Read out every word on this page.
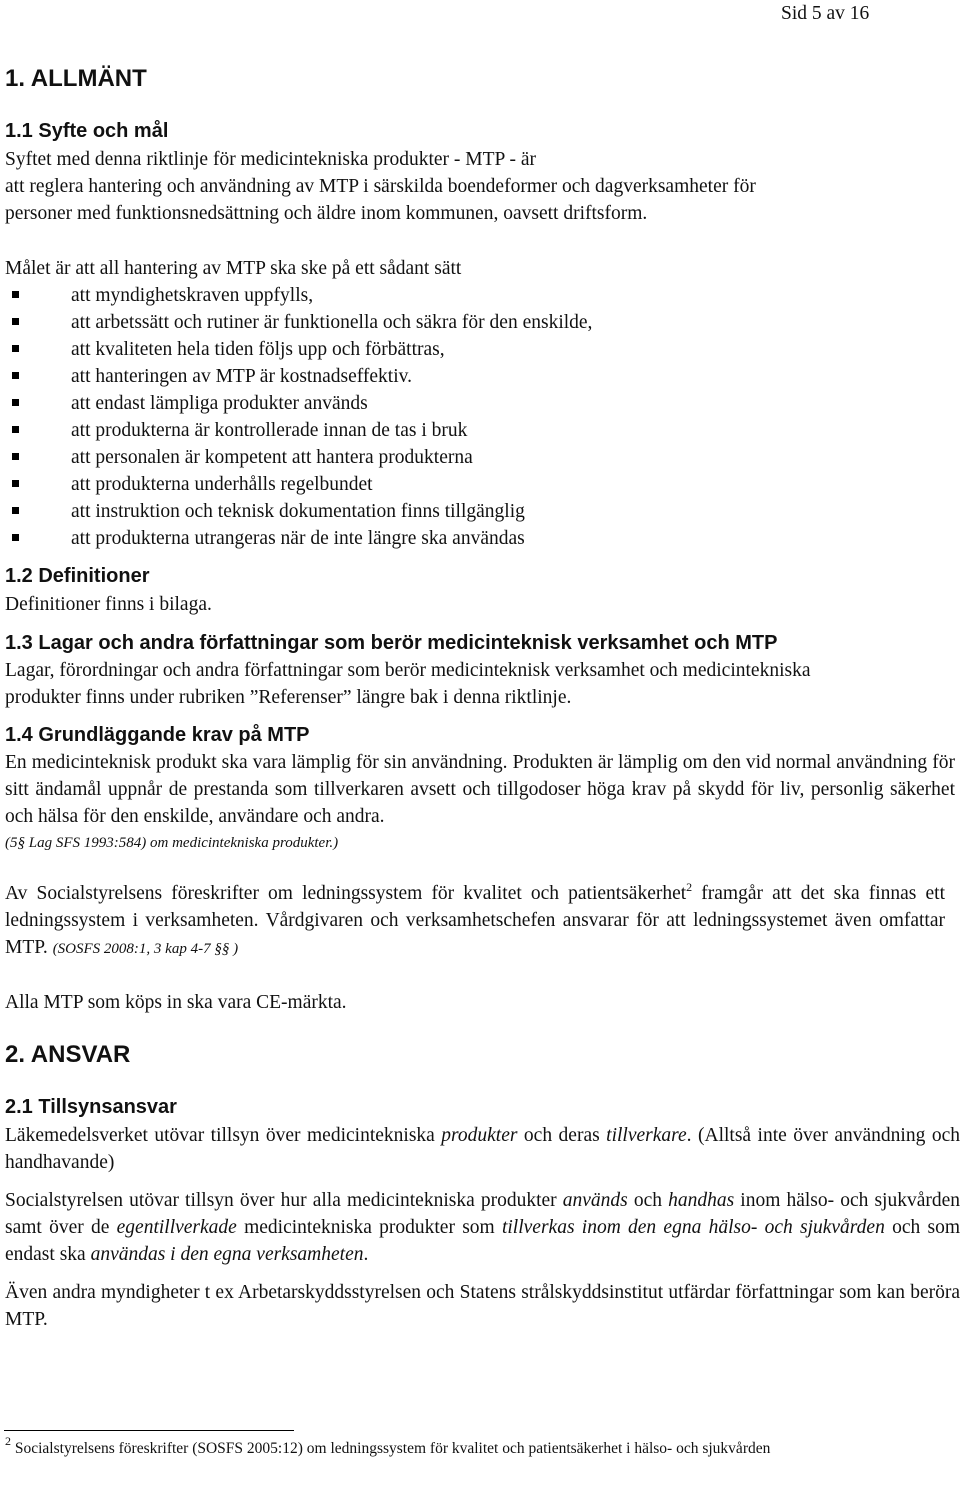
Sid 5 av 16
1. ALLMÄNT
1.1 Syfte och mål
Syftet med denna riktlinje för medicintekniska produkter - MTP - är
att reglera hantering och användning av MTP i särskilda boendeformer och dagverksamheter för
personer med funktionsnedsättning och äldre inom kommunen, oavsett driftsform.
Målet är att all hantering av MTP ska ske på ett sådant sätt
att myndighetskraven uppfylls,
att arbetssätt och rutiner är funktionella och säkra för den enskilde,
att kvaliteten hela tiden följs upp och förbättras,
att hanteringen av MTP är kostnadseffektiv.
att endast lämpliga produkter används
att produkterna är kontrollerade innan de tas i bruk
att personalen är kompetent att hantera produkterna
att produkterna underhålls regelbundet
att instruktion och teknisk dokumentation finns tillgänglig
att produkterna utrangeras när de inte längre ska användas
1.2 Definitioner
Definitioner finns i bilaga.
1.3 Lagar och andra författningar som berör medicinteknisk verksamhet och MTP

Lagar, förordningar och andra författningar som berör medicinteknisk verksamhet och medicintekniska produkter finns under rubriken ”Referenser” längre bak i denna riktlinje.

1.4 Grundläggande krav på MTP

En medicinteknisk produkt ska vara lämplig för sin användning. Produkten är lämplig om den vid normal användning för sitt ändamål uppnår de prestanda som tillverkaren avsett och tillgodoser höga krav på skydd för liv, personlig säkerhet och hälsa för den enskilde, användare och andra.

(5§ Lag SFS 1993:584) om medicintekniska produkter.)

Av Socialstyrelsens föreskrifter om ledningssystem för kvalitet och patientsäkerhet$^2$ framgår att det ska finnas ett ledningssystem i verksamheten. Vårdgivaren och verksamhetschefen ansvarar för att ledningssystemet även omfattar MTP. (SOSFS 2008:1, 3 kap 4-7 §§ )

Alla MTP som köps in ska vara CE-märkta.
2. ANSVAR
2.1 Tillsynsansvar

Läkemedelsverket utövar tillsyn över medicintekniska produkter och deras tillverkare. (Alltså inte över användning och handhavande)

Socialstyrelsen utövar tillsyn över hur alla medicintekniska produkter används och handhas inom hälso- och sjukvården samt över de egentillverkade medicintekniska produkter som tillverkas inom den egna hälso- och sjukvården och som endast ska användas i den egna verksamheten.

Även andra myndigheter t ex Arbetarskyddsstyrelsen och Statens strålskyddsinstitut utfärdar författningar som kan beröra MTP.

$^2$ Socialstyrelsens föreskrifter (SOSFS 2005:12) om ledningssystem för kvalitet och patientsäkerhet i hälso- och sjukvården
